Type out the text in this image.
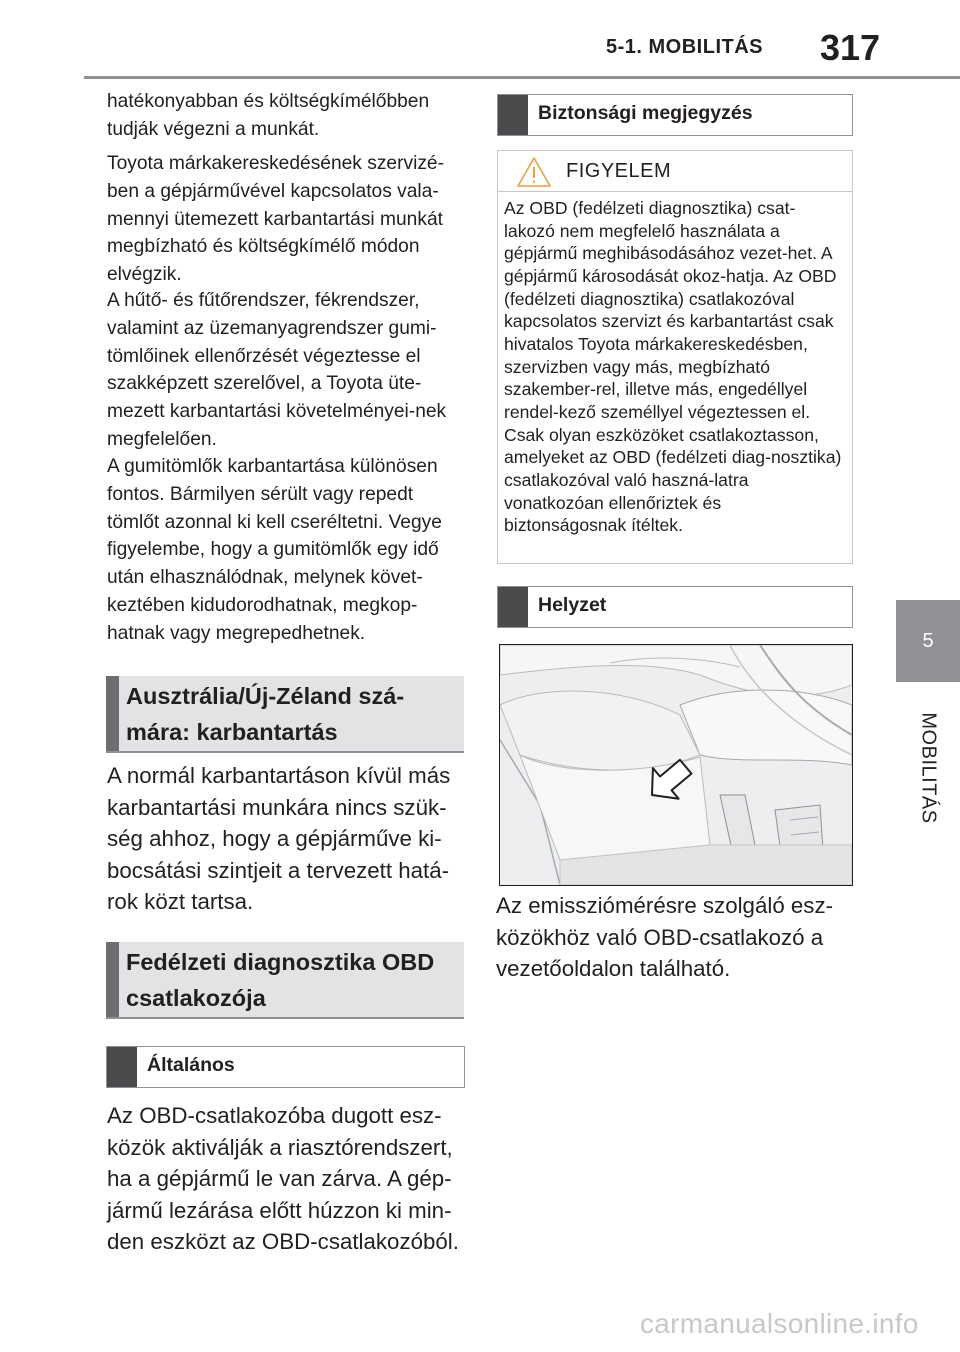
5-1. MOBILITÁS 317
5
MOBILITÁS

hatékonyabban és költségkímélőbben tudják végezni a munkát.

Toyota márkakereskedésének szervizé-ben a gépjárművével kapcsolatos vala-mennyi ütemezett karbantartási munkát megbízható és költségkímélő módon elvégzik.

A hűtő- és fűtőrendszer, fékrendszer, valamint az üzemanyagrendszer gumi-tömlőinek ellenőrzését végeztesse el szakképzett szerelővel, a Toyota üte-mezett karbantartási követelményei-nek megfelelően.

A gumitömlők karbantartása különösen fontos. Bármilyen sérült vagy repedt tömlőt azonnal ki kell cseréltetni. Vegye figyelembe, hogy a gumitömlők egy idő után elhasználódnak, melynek követ-keztében kidudorodhatnak, megkop-hatnak vagy megrepedhetnek.

Ausztrália/Új-Zéland szá-mára: karbantartás

A normál karbantartáson kívül más karbantartási munkára nincs szük-ség ahhoz, hogy a gépjárműve ki-bocsátási szintjeit a tervezett hatá-rok közt tartsa.

Fedélzeti diagnosztika OBD csatlakozója
Általános

Az OBD-csatlakozóba dugott esz-közök aktiválják a riasztórendszert, ha a gépjármű le van zárva. A gép-jármű lezárása előtt húzzon ki min-den eszközt az OBD-csatlakozóból.

Biztonsági megjegyzés
FIGYELEM

Az OBD (fedélzeti diagnosztika) csat-lakozó nem megfelelő használata a gépjármű meghibásodásához vezet-het. A gépjármű károsodását okoz-hatja. Az OBD (fedélzeti diagnosztika) csatlakozóval kapcsolatos szervizt és karbantartást csak hivatalos Toyota márkakereskedésben, szervizben vagy más, megbízható szakember-rel, illetve más, engedéllyel rendel-kező személlyel végeztessen el. Csak olyan eszközöket csatlakoztasson, amelyeket az OBD (fedélzeti diag-nosztika) csatlakozóval való haszná-latra vonatkozóan ellenőriztek és biztonságosnak ítéltek.

Helyzet

Az emissziómérésre szolgáló esz-közökhöz való OBD-csatlakozó a vezetőoldalon található.

carmanualsonline.info
